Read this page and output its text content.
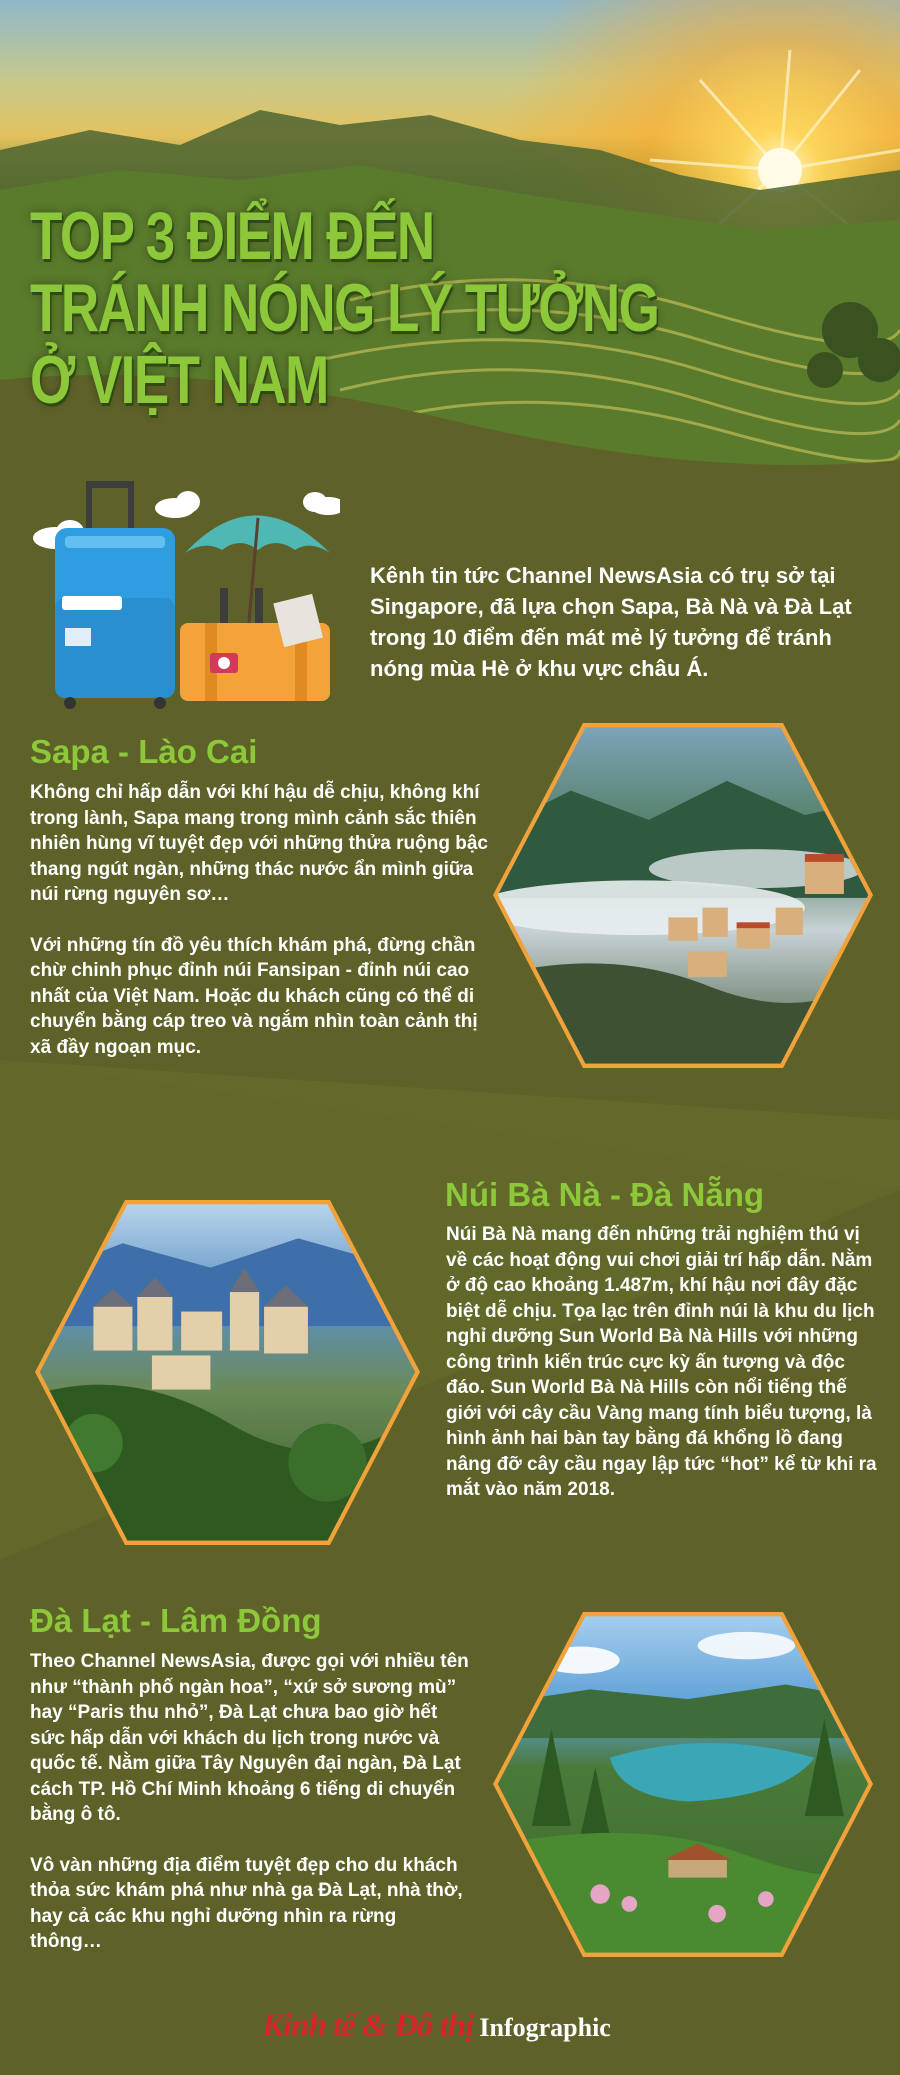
TOP 3 ĐIỂM ĐẾN
TRÁNH NÓNG LÝ TƯỞNG
Ở VIỆT NAM
Kênh tin tức Channel NewsAsia có trụ sở tại Singapore, đã lựa chọn Sapa, Bà Nà và Đà Lạt trong 10 điểm đến mát mẻ lý tưởng để tránh nóng mùa Hè ở khu vực châu Á.
Sapa - Lào Cai

Không chỉ hấp dẫn với khí hậu dễ chịu, không khí trong lành, Sapa mang trong mình cảnh sắc thiên nhiên hùng vĩ tuyệt đẹp với những thửa ruộng bậc thang ngút ngàn, những thác nước ẩn mình giữa núi rừng nguyên sơ…

Với những tín đồ yêu thích khám phá, đừng chần chừ chinh phục đỉnh núi Fansipan - đỉnh núi cao nhất của Việt Nam. Hoặc du khách cũng có thể di chuyển bằng cáp treo và ngắm nhìn toàn cảnh thị xã đầy ngoạn mục.

Núi Bà Nà - Đà Nẵng

Núi Bà Nà mang đến những trải nghiệm thú vị về các hoạt động vui chơi giải trí hấp dẫn. Nằm ở độ cao khoảng 1.487m, khí hậu nơi đây đặc biệt dễ chịu. Tọa lạc trên đỉnh núi là khu du lịch nghỉ dưỡng Sun World Bà Nà Hills với những công trình kiến trúc cực kỳ ấn tượng và độc đáo. Sun World Bà Nà Hills còn nổi tiếng thế giới với cây cầu Vàng mang tính biểu tượng, là hình ảnh hai bàn tay bằng đá khổng lồ đang nâng đỡ cây cầu ngay lập tức “hot” kể từ khi ra mắt vào năm 2018.

Đà Lạt - Lâm Đồng

Theo Channel NewsAsia, được gọi với nhiều tên như “thành phố ngàn hoa”, “xứ sở sương mù” hay “Paris thu nhỏ”, Đà Lạt chưa bao giờ hết sức hấp dẫn với khách du lịch trong nước và quốc tế. Nằm giữa Tây Nguyên đại ngàn, Đà Lạt cách TP. Hồ Chí Minh khoảng 6 tiếng di chuyển bằng ô tô.

Vô vàn những địa điểm tuyệt đẹp cho du khách thỏa sức khám phá như nhà ga Đà Lạt, nhà thờ, hay cả các khu nghỉ dưỡng nhìn ra rừng thông…

Kinh tế & Đô thị Infographic
